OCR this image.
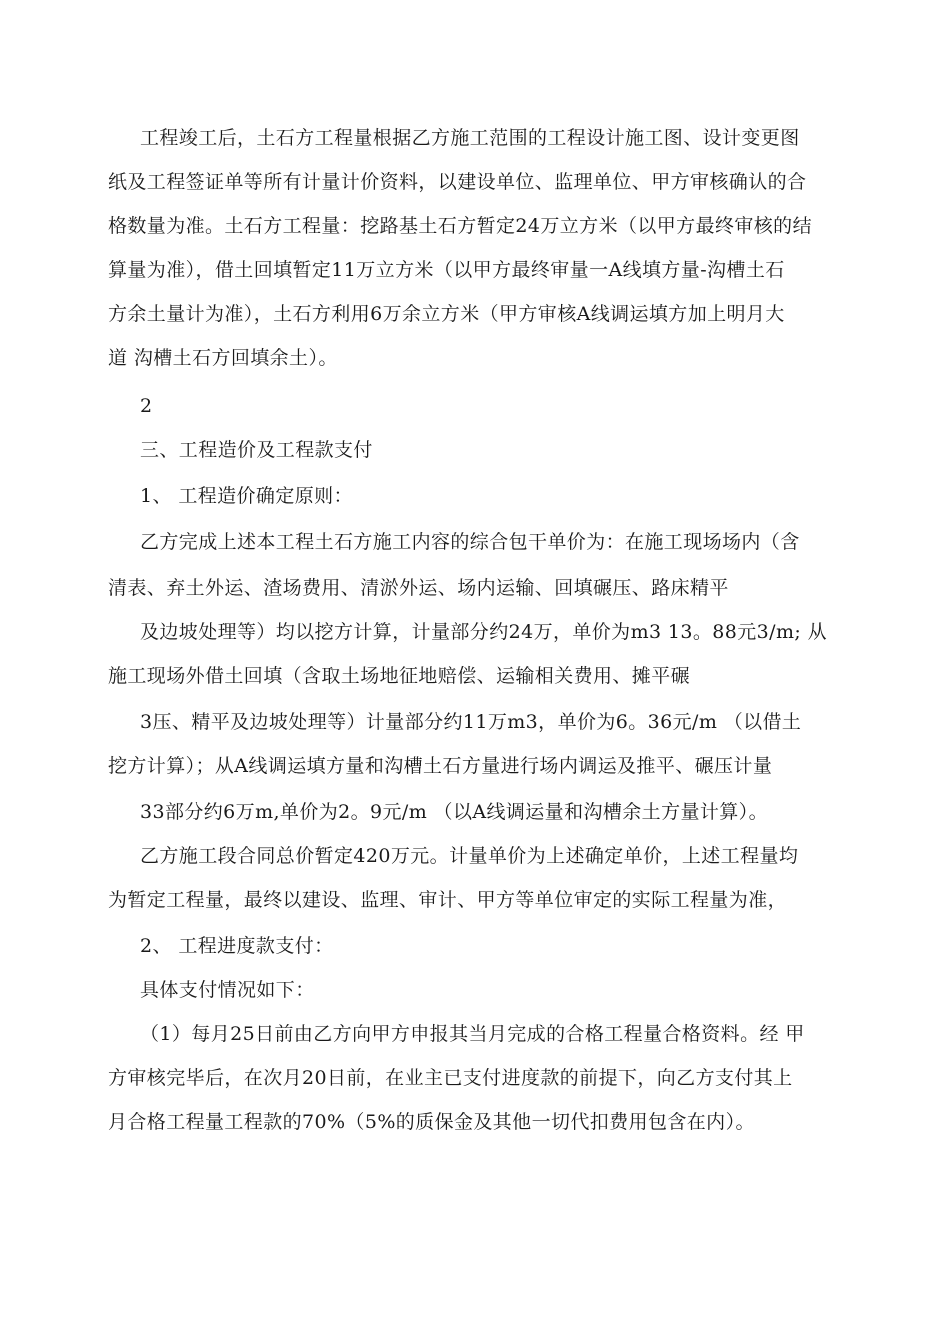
工程竣工后，土石方工程量根据乙方施工范围的工程设计施工图、设计变更图
纸及工程签证单等所有计量计价资料，以建设单位、监理单位、甲方审核确认的合
格数量为准。土石方工程量：挖路基土石方暂定24万立方米（以甲方最终审核的结
算量为准），借土回填暂定11万立方米（以甲方最终审量一A线填方量-沟槽土石
方余土量计为准），土石方利用6万余立方米（甲方审核A线调运填方加上明月大
道 沟槽土石方回填余土）。
2
三、工程造价及工程款支付
1、 工程造价确定原则：
乙方完成上述本工程土石方施工内容的综合包干单价为：在施工现场场内（含
清表、弃土外运、渣场费用、清淤外运、场内运输、回填碾压、路床精平
及边坡处理等）均以挖方计算，计量部分约24万，单价为m3 13。88元3/m; 从
施工现场外借土回填（含取土场地征地赔偿、运输相关费用、摊平碾
3压、精平及边坡处理等）计量部分约11万m3，单价为6。36元/m （以借土
挖方计算）；从A线调运填方量和沟槽土石方量进行场内调运及推平、碾压计量
33部分约6万m,单价为2。9元/m （以A线调运量和沟槽余土方量计算）。
乙方施工段合同总价暂定420万元。计量单价为上述确定单价，上述工程量均
为暂定工程量，最终以建设、监理、审计、甲方等单位审定的实际工程量为准，
2、 工程进度款支付：
具体支付情况如下：
（1）每月25日前由乙方向甲方申报其当月完成的合格工程量合格资料。经 甲
方审核完毕后，在次月20日前，在业主已支付进度款的前提下，向乙方支付其上
月合格工程量工程款的70%（5%的质保金及其他一切代扣费用包含在内）。
